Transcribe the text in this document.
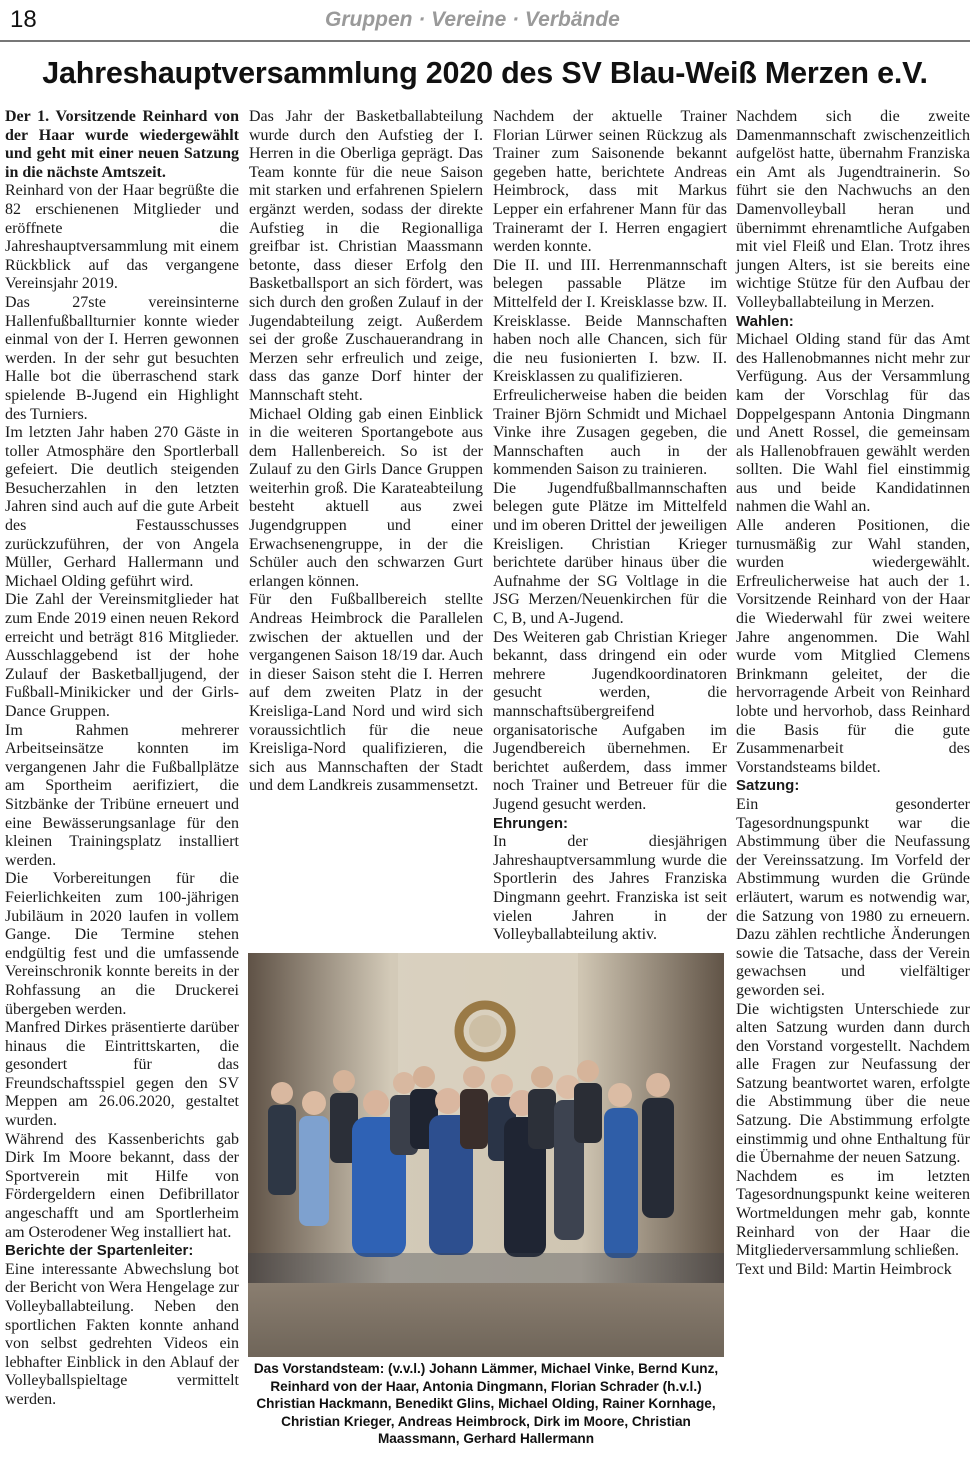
18	Gruppen · Vereine · Verbände
Jahreshauptversammlung 2020 des SV Blau-Weiß Merzen e.V.

Der 1. Vorsitzende Reinhard von der Haar wurde wiedergewählt und geht mit einer neuen Satzung in die nächste Amtszeit.

Reinhard von der Haar begrüßte die 82 erschienenen Mitglieder und eröffnete die Jahreshauptversammlung mit einem Rückblick auf das vergangene Vereinsjahr 2019.

Das 27ste vereinsinterne Hallenfußballturnier konnte wieder einmal von der I. Herren gewonnen werden. In der sehr gut besuchten Halle bot die überraschend stark spielende B-Jugend ein Highlight des Turniers.

Im letzten Jahr haben 270 Gäste in toller Atmosphäre den Sportlerball gefeiert. Die deutlich steigenden Besucherzahlen in den letzten Jahren sind auch auf die gute Arbeit des Festausschusses zurückzuführen, der von Angela Müller, Gerhard Hallermann und Michael Olding geführt wird.

Die Zahl der Vereinsmitglieder hat zum Ende 2019 einen neuen Rekord erreicht und beträgt 816 Mitglieder. Ausschlaggebend ist der hohe Zulauf der Basketballjugend, der Fußball-Minikicker und der Girls-Dance Gruppen.

Im Rahmen mehrerer Arbeitseinsätze konnten im vergangenen Jahr die Fußballplätze am Sportheim aerifiziert, die Sitzbänke der Tribüne erneuert und eine Bewässerungsanlage für den kleinen Trainingsplatz installiert werden.

Die Vorbereitungen für die Feierlichkeiten zum 100-jährigen Jubiläum in 2020 laufen in vollem Gange. Die Termine stehen endgültig fest und die umfassende Vereinschronik konnte bereits in der Rohfassung an die Druckerei übergeben werden.

Manfred Dirkes präsentierte darüber hinaus die Eintrittskarten, die gesondert für das Freundschaftsspiel gegen den SV Meppen am 26.06.2020, gestaltet wurden.

Während des Kassenberichts gab Dirk Im Moore bekannt, dass der Sportverein mit Hilfe von Fördergeldern einen Defibrillator angeschafft und am Sportlerheim am Osterodener Weg installiert hat.

Berichte der Spartenleiter:

Eine interessante Abwechslung bot der Bericht von Wera Hengelage zur Volleyballabteilung. Neben den sportlichen Fakten konnte anhand von selbst gedrehten Videos ein lebhafter Einblick in den Ablauf der Volleyballspieltage vermittelt werden.

Das Jahr der Basketballabteilung wurde durch den Aufstieg der I. Herren in die Oberliga geprägt. Das Team konnte für die neue Saison mit starken und erfahrenen Spielern ergänzt werden, sodass der direkte Aufstieg in die Regionalliga greifbar ist. Christian Maassmann betonte, dass dieser Erfolg den Basketballsport an sich fördert, was sich durch den großen Zulauf in der Jugendabteilung zeigt. Außerdem sei der große Zuschauerandrang in Merzen sehr erfreulich und zeige, dass das ganze Dorf hinter der Mannschaft steht.

Michael Olding gab einen Einblick in die weiteren Sportangebote aus dem Hallenbereich. So ist der Zulauf zu den Girls Dance Gruppen weiterhin groß. Die Karateabteilung besteht aktuell aus zwei Jugendgruppen und einer Erwachsenengruppe, in der die Schüler auch den schwarzen Gurt erlangen können.

Für den Fußballbereich stellte Andreas Heimbrock die Parallelen zwischen der aktuellen und der vergangenen Saison 18/19 dar. Auch in dieser Saison steht die I. Herren auf dem zweiten Platz in der Kreisliga-Land Nord und wird sich voraussichtlich für die neue Kreisliga-Nord qualifizieren, die sich aus Mannschaften der Stadt und dem Landkreis zusammensetzt.

Nachdem der aktuelle Trainer Florian Lürwer seinen Rückzug als Trainer zum Saisonende bekannt gegeben hatte, berichtete Andreas Heimbrock, dass mit Markus Lepper ein erfahrener Mann für das Traineramt der I. Herren engagiert werden konnte.

Die II. und III. Herrenmannschaft belegen passable Plätze im Mittelfeld der I. Kreisklasse bzw. II. Kreisklasse. Beide Mannschaften haben noch alle Chancen, sich für die neu fusionierten I. bzw. II. Kreisklassen zu qualifizieren.

Erfreulicherweise haben die beiden Trainer Björn Schmidt und Michael Vinke ihre Zusagen gegeben, die Mannschaften auch in der kommenden Saison zu trainieren.

Die Jugendfußballmannschaften belegen gute Plätze im Mittelfeld und im oberen Drittel der jeweiligen Kreisligen. Christian Krieger berichtete darüber hinaus über die Aufnahme der SG Voltlage in die JSG Merzen/Neuenkirchen für die C, B, und A-Jugend.

Des Weiteren gab Christian Krieger bekannt, dass dringend ein oder mehrere Jugendkoordinatoren gesucht werden, die mannschaftsübergreifend organisatorische Aufgaben im Jugendbereich übernehmen. Er berichtet außerdem, dass immer noch Trainer und Betreuer für die Jugend gesucht werden.

Ehrungen:

In der diesjährigen Jahreshauptversammlung wurde die Sportlerin des Jahres Franziska Dingmann geehrt. Franziska ist seit vielen Jahren in der Volleyballabteilung aktiv.

Nachdem sich die zweite Damenmannschaft zwischenzeitlich aufgelöst hatte, übernahm Franziska ein Amt als Jugendtrainerin. So führt sie den Nachwuchs an den Damenvolleyball heran und übernimmt ehrenamtliche Aufgaben mit viel Fleiß und Elan. Trotz ihres jungen Alters, ist sie bereits eine wichtige Stütze für den Aufbau der Volleyballabteilung in Merzen.

Wahlen:

Michael Olding stand für das Amt des Hallenobmannes nicht mehr zur Verfügung. Aus der Versammlung kam der Vorschlag für das Doppelgespann Antonia Dingmann und Anett Rossel, die gemeinsam als Hallenobfrauen gewählt werden sollten. Die Wahl fiel einstimmig aus und beide Kandidatinnen nahmen die Wahl an.

Alle anderen Positionen, die turnusmäßig zur Wahl standen, wurden wiedergewählt. Erfreulicherweise hat auch der 1. Vorsitzende Reinhard von der Haar die Wiederwahl für zwei weitere Jahre angenommen. Die Wahl wurde vom Mitglied Clemens Brinkmann geleitet, der die hervorragende Arbeit von Reinhard lobte und hervorhob, dass Reinhard die Basis für die gute Zusammenarbeit des Vorstandsteams bildet.

Satzung:

Ein gesonderter Tagesordnungspunkt war die Abstimmung über die Neufassung der Vereinssatzung. Im Vorfeld der Abstimmung wurden die Gründe erläutert, warum es notwendig war, die Satzung von 1980 zu erneuern. Dazu zählen rechtliche Änderungen sowie die Tatsache, dass der Verein gewachsen und vielfältiger geworden sei.

Die wichtigsten Unterschiede zur alten Satzung wurden dann durch den Vorstand vorgestellt. Nachdem alle Fragen zur Neufassung der Satzung beantwortet waren, erfolgte die Abstimmung über die neue Satzung. Die Abstimmung erfolgte einstimmig und ohne Enthaltung für die Übernahme der neuen Satzung.

Nachdem es im letzten Tagesordnungspunkt keine weiteren Wortmeldungen mehr gab, konnte Reinhard von der Haar die Mitgliederversammlung schließen.

Text und Bild: Martin Heimbrock

Das Vorstandsteam: (v.v.l.) Johann Lämmer, Michael Vinke, Bernd Kunz, Reinhard von der Haar, Antonia Dingmann, Florian Schrader (h.v.l.) Christian Hackmann, Benedikt Glins, Michael Olding, Rainer Kornhage, Christian Krieger, Andreas Heimbrock, Dirk im Moore, Christian Maassmann, Gerhard Hallermann
